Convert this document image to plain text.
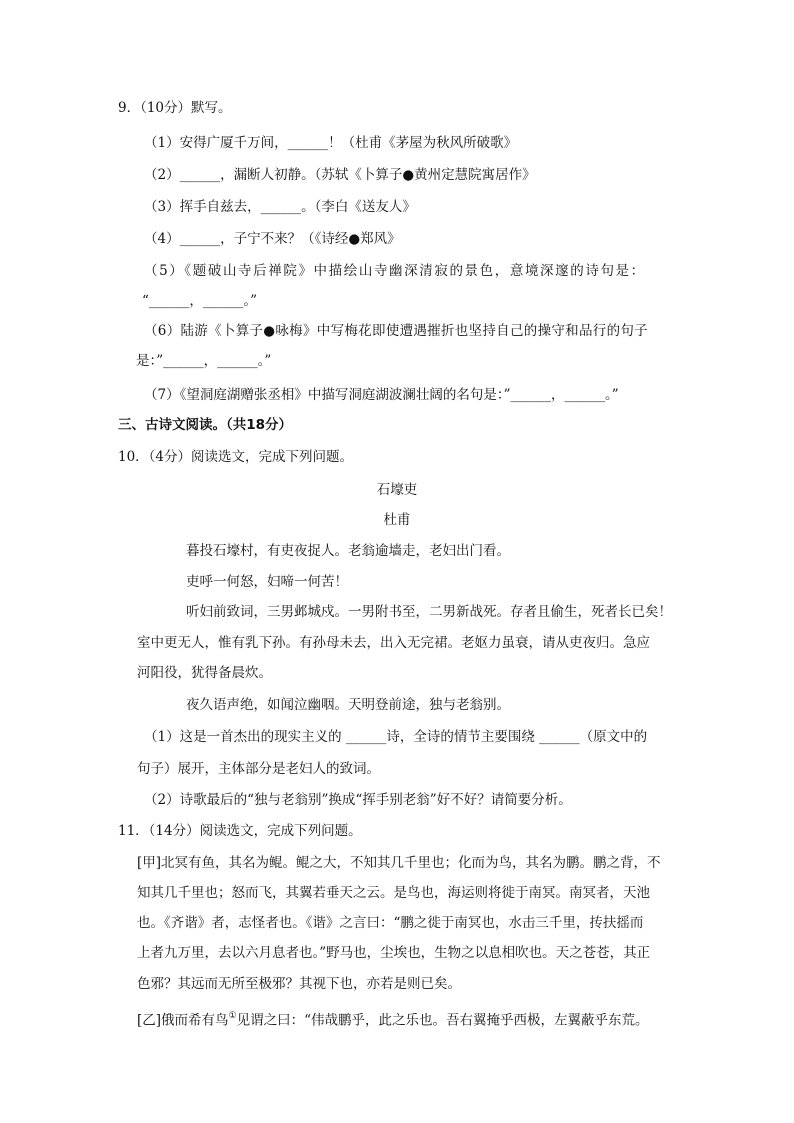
9．（10分）默写。
（1）安得广厦千万间，______！（杜甫《茅屋为秋风所破歌》
（2）______，漏断人初静。（苏轼《卜算子●黄州定慧院寓居作》
（3）挥手自兹去，______。（李白《送友人》
（4）______，子宁不来？（《诗经●郑风》
（5）《题破山寺后禅院》中描绘山寺幽深清寂的景色，意境深邃的诗句是：
“______，______。”
（6）陆游《卜算子●咏梅》中写梅花即使遭遇摧折也坚持自己的操守和品行的句子
是：”______，______。”
（7）《望洞庭湖赠张丞相》中描写洞庭湖波澜壮阔的名句是：”______，______。”
三、古诗文阅读。（共18分）
10．（4分）阅读选文，完成下列问题。
石壕吏
杜甫
暮投石壕村，有吏夜捉人。老翁逾墙走，老妇出门看。
吏呼一何怒，妇啼一何苦！
听妇前致词，三男邺城戍。一男附书至，二男新战死。存者且偷生，死者长已矣！
室中更无人，惟有乳下孙。有孙母未去，出入无完裙。老妪力虽衰，请从吏夜归。急应
河阳役，犹得备晨炊。
夜久语声绝，如闻泣幽咽。天明登前途，独与老翁别。
（1）这是一首杰出的现实主义的 ______诗，全诗的情节主要围绕 ______（原文中的
句子）展开，主体部分是老妇人的致词。
（2）诗歌最后的“独与老翁别”换成“挥手别老翁”好不好？请简要分析。
11．（14分）阅读选文，完成下列问题。
[甲]北冥有鱼，其名为鲲。鲲之大，不知其几千里也；化而为鸟，其名为鹏。鹏之背，不
知其几千里也；怒而飞，其翼若垂天之云。是鸟也，海运则将徙于南冥。南冥者，天池
也。《齐谐》者，志怪者也。《谐》之言曰：“鹏之徙于南冥也，水击三千里，抟扶摇而
上者九万里，去以六月息者也。”野马也，尘埃也，生物之以息相吹也。天之苍苍，其正
色邪？其远而无所至极邪？其视下也，亦若是则已矣。
[乙]俄而希有鸟①见谓之曰：“伟哉鹏乎，此之乐也。吾右翼掩乎西极，左翼蔽乎东荒。
